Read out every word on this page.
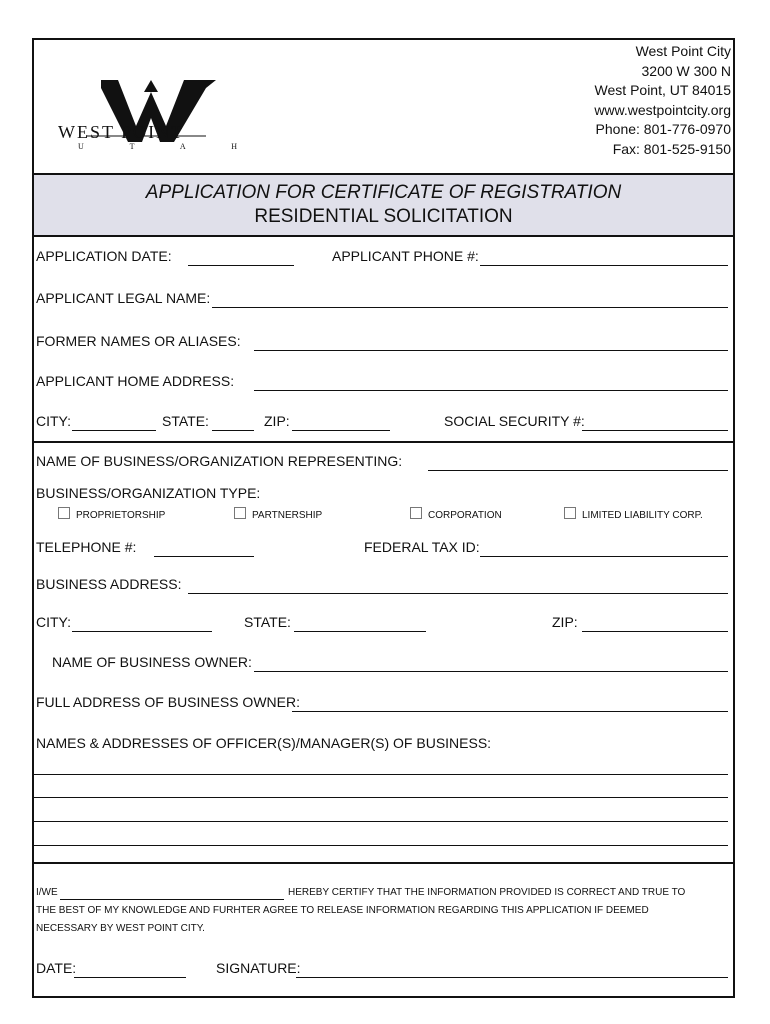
WEST POINT
U T A H
West Point City
3200 W 300 N
West Point, UT 84015
www.westpointcity.org
Phone: 801-776-0970
Fax: 801-525-9150
APPLICATION FOR CERTIFICATE OF REGISTRATION
RESIDENTIAL SOLICITATION
APPLICATION DATE:	APPLICANT PHONE #:
APPLICANT LEGAL NAME:
FORMER NAMES OR ALIASES:
APPLICANT HOME ADDRESS:
CITY:	STATE:	ZIP:	SOCIAL SECURITY #:
NAME OF BUSINESS/ORGANIZATION REPRESENTING:
BUSINESS/ORGANIZATION TYPE:
PROPRIETORSHIP	PARTNERSHIP	CORPORATION	LIMITED LIABILITY CORP.
TELEPHONE #:	FEDERAL TAX ID:
BUSINESS ADDRESS:
CITY:	STATE:	ZIP:
NAME OF BUSINESS OWNER:
FULL ADDRESS OF BUSINESS OWNER:
NAMES & ADDRESSES OF OFFICER(S)/MANAGER(S) OF BUSINESS:
I/WE	HEREBY CERTIFY THAT THE INFORMATION PROVIDED IS CORRECT AND TRUE TO
THE BEST OF MY KNOWLEDGE AND FURHTER AGREE TO RELEASE INFORMATION REGARDING THIS APPLICATION IF DEEMED
NECESSARY BY WEST POINT CITY.
DATE:	SIGNATURE:
